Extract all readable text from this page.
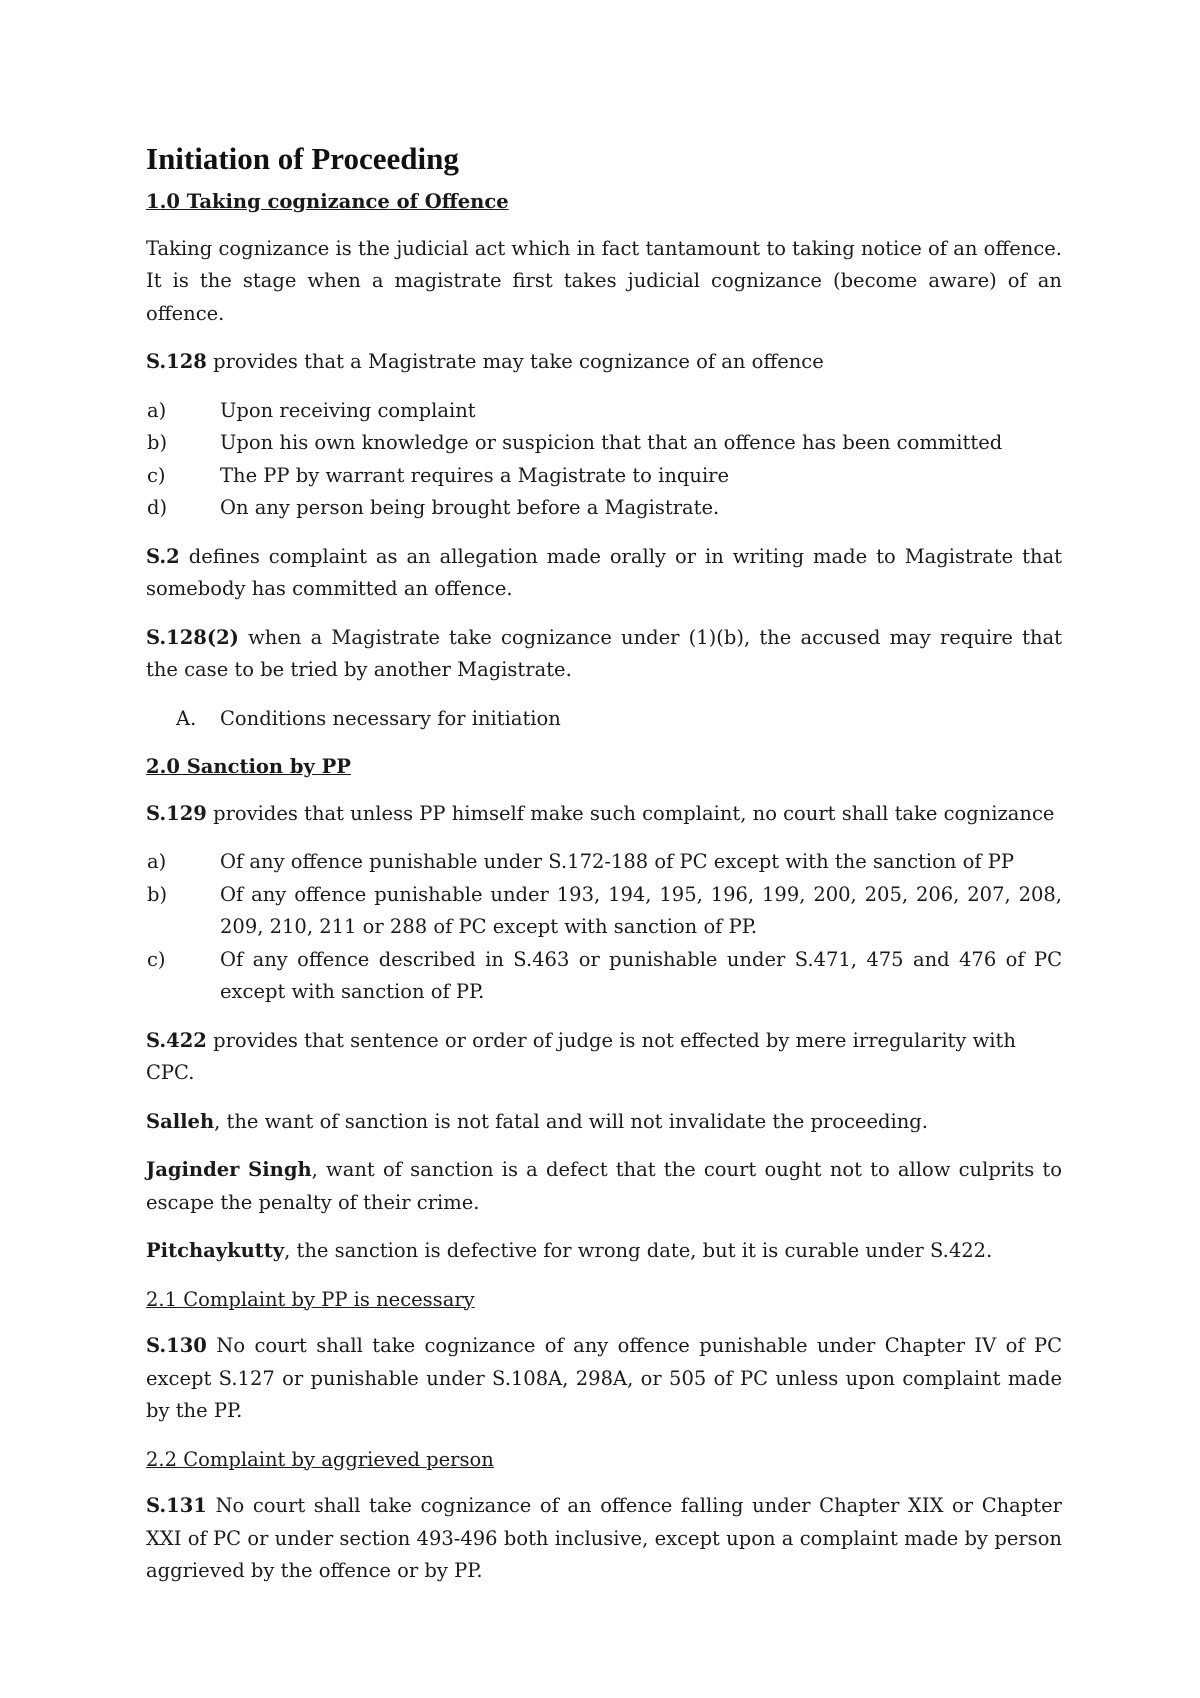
Initiation of Proceeding
1.0 Taking cognizance of Offence

Taking cognizance is the judicial act which in fact tantamount to taking notice of an offence. It is the stage when a magistrate first takes judicial cognizance (become aware) of an offence.

S.128 provides that a Magistrate may take cognizance of an offence

a)	Upon receiving complaint
b)	Upon his own knowledge or suspicion that that an offence has been committed
c)	The PP by warrant requires a Magistrate to inquire
d)	On any person being brought before a Magistrate.

S.2 defines complaint as an allegation made orally or in writing made to Magistrate that somebody has committed an offence.

S.128(2) when a Magistrate take cognizance under (1)(b), the accused may require that the case to be tried by another Magistrate.

A.	Conditions necessary for initiation
2.0 Sanction by PP

S.129 provides that unless PP himself make such complaint, no court shall take cognizance

a)	Of any offence punishable under S.172-188 of PC except with the sanction of PP
b)	Of any offence punishable under 193, 194, 195, 196, 199, 200, 205, 206, 207, 208, 209, 210, 211 or 288 of PC except with sanction of PP.
c)	Of any offence described in S.463 or punishable under S.471, 475 and 476 of PC except with sanction of PP.

S.422 provides that sentence or order of judge is not effected by mere irregularity with CPC.

Salleh, the want of sanction is not fatal and will not invalidate the proceeding.

Jaginder Singh, want of sanction is a defect that the court ought not to allow culprits to escape the penalty of their crime.

Pitchaykutty, the sanction is defective for wrong date, but it is curable under S.422.

2.1 Complaint by PP is necessary

S.130 No court shall take cognizance of any offence punishable under Chapter IV of PC except S.127 or punishable under S.108A, 298A, or 505 of PC unless upon complaint made by the PP.

2.2 Complaint by aggrieved person

S.131 No court shall take cognizance of an offence falling under Chapter XIX or Chapter XXI of PC or under section 493-496 both inclusive, except upon a complaint made by person aggrieved by the offence or by PP.
